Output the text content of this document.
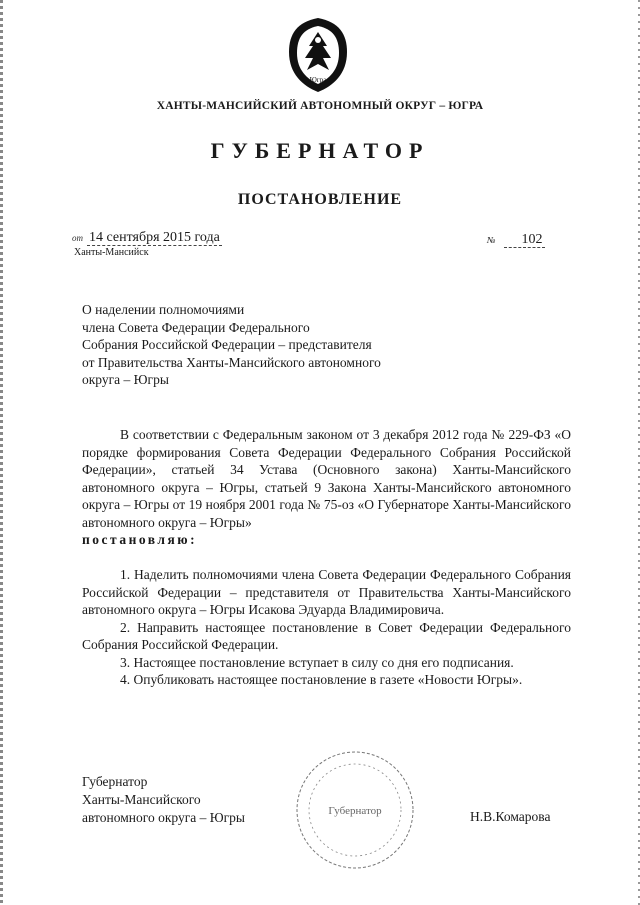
Югра
ХАНТЫ-МАНСИЙСКИЙ АВТОНОМНЫЙ ОКРУГ – ЮГРА
ГУБЕРНАТОР
ПОСТАНОВЛЕНИЕ
от 14 сентября 2015 года
Ханты-Мансийск
№ 102
О наделении полномочиями
члена Совета Федерации Федерального
Собрания Российской Федерации – представителя
от Правительства Ханты-Мансийского автономного
округа – Югры
В соответствии с Федеральным законом от 3 декабря 2012 года № 229-ФЗ «О порядке формирования Совета Федерации Федерального Собрания Российской Федерации», статьей 34 Устава (Основного закона) Ханты-Мансийского автономного округа – Югры, статьей 9 Закона Ханты-Мансийского автономного округа – Югры от 19 ноября 2001 года № 75-оз «О Губернаторе Ханты-Мансийского автономного округа – Югры»
постановляю:

1. Наделить полномочиями члена Совета Федерации Федерального Собрания Российской Федерации – представителя от Правительства Ханты-Мансийского автономного округа – Югры Исакова Эдуарда Владимировича.

2. Направить настоящее постановление в Совет Федерации Федерального Собрания Российской Федерации.

3. Настоящее постановление вступает в силу со дня его подписания.

4. Опубликовать настоящее постановление в газете «Новости Югры».

Губернатор
Ханты-Мансийского
автономного округа – Югры	Губернатор	Н.В.Комарова
